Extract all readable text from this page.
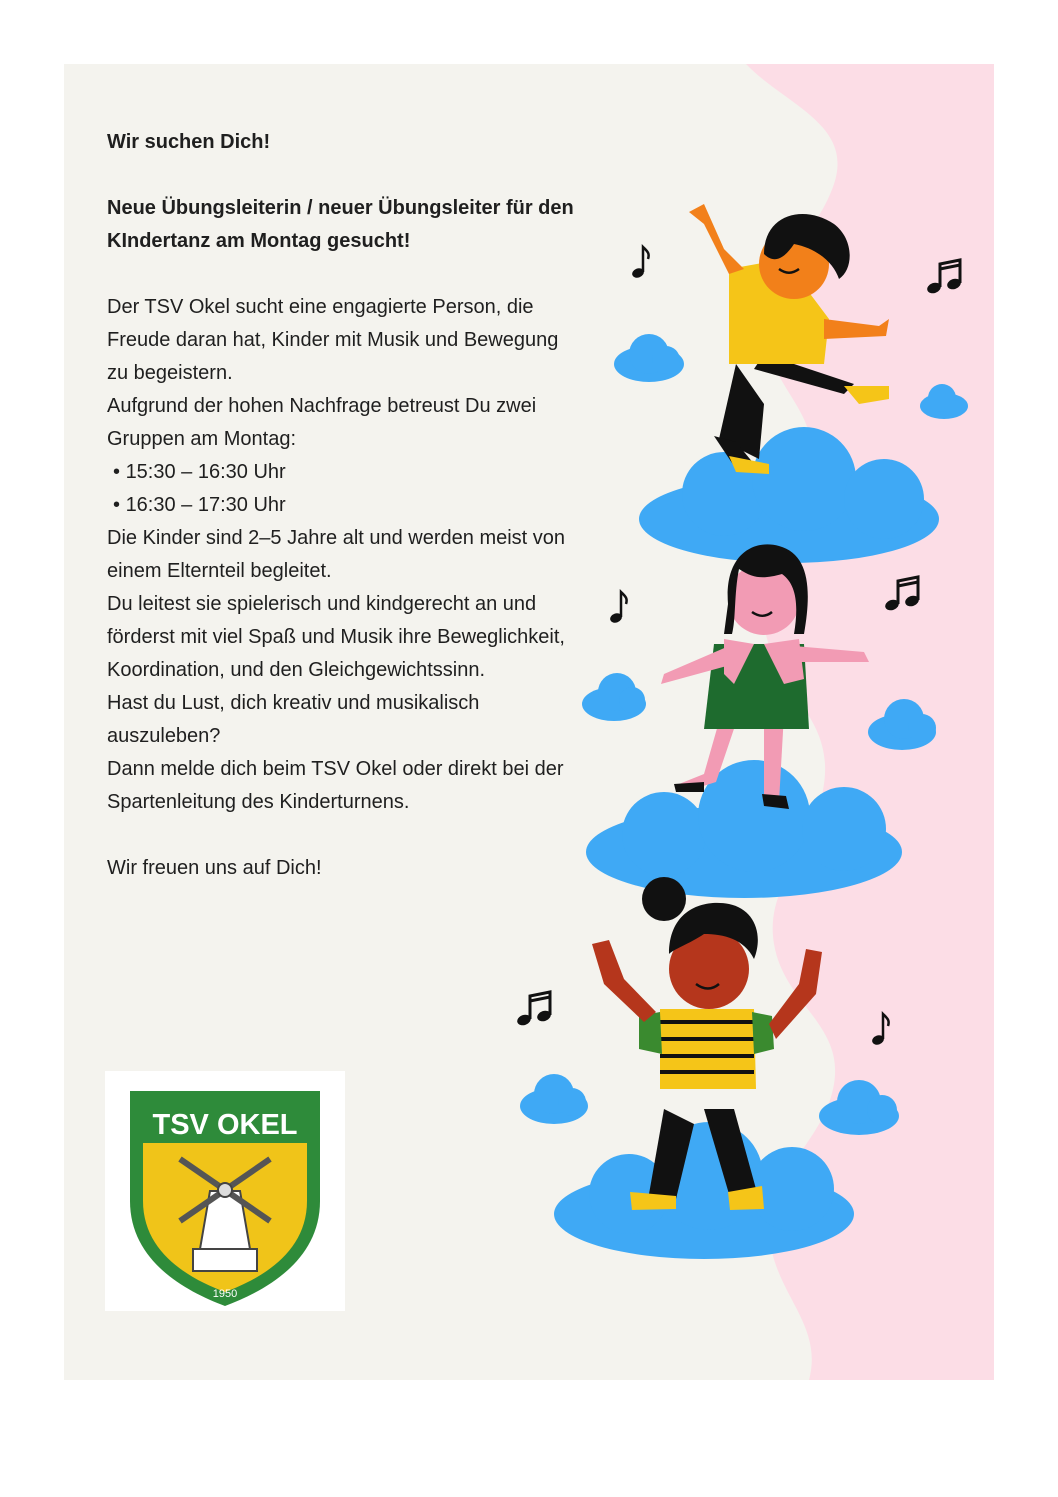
Wir suchen Dich!

Neue Übungsleiterin / neuer Übungsleiter für den

KIndertanz am Montag gesucht!

Der TSV Okel sucht eine engagierte Person, die

Freude daran hat, Kinder mit Musik und Bewegung

zu begeistern.

Aufgrund der hohen Nachfrage betreust Du zwei

Gruppen am Montag:

• 15:30 – 16:30 Uhr

• 16:30 – 17:30 Uhr

Die Kinder sind 2–5 Jahre alt und werden meist von

einem Elternteil begleitet.

Du leitest sie spielerisch und kindgerecht an und

förderst mit viel Spaß und Musik ihre Beweglichkeit,

Koordination, und den Gleichgewichtssinn.

Hast du Lust, dich kreativ und musikalisch

auszuleben?

Dann melde dich beim TSV Okel oder direkt bei der

Spartenleitung des Kinderturnens.

Wir freuen uns auf Dich!

TSV OKEL
1950
